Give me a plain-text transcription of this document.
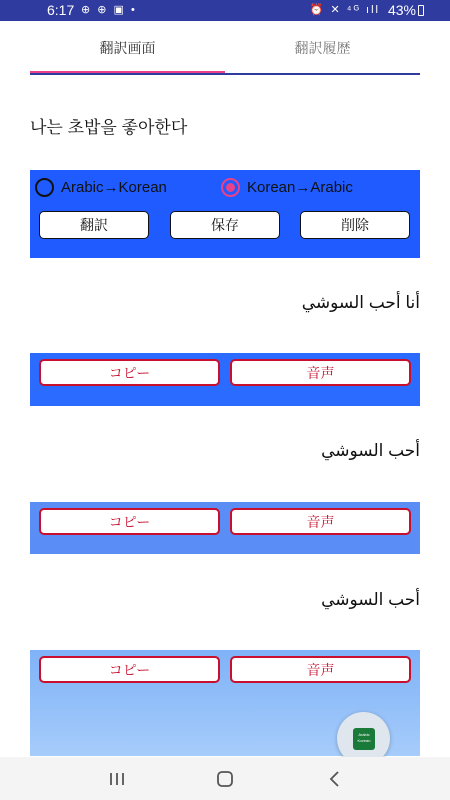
6:17 ⊕ ⊕ ▣ •	⏰ ✕ ⁴ᴳ ıll 43%
翻訳画面	翻訳履歴
나는 초밥을 좋아한다
Arabic→Korean	Korean→Arabic
翻訳	保存	削除
أنا أحب السوشي
コピー	音声
أحب السوشي
コピー	音声
أحب السوشي
コピー	音声
Arabic
Korean
